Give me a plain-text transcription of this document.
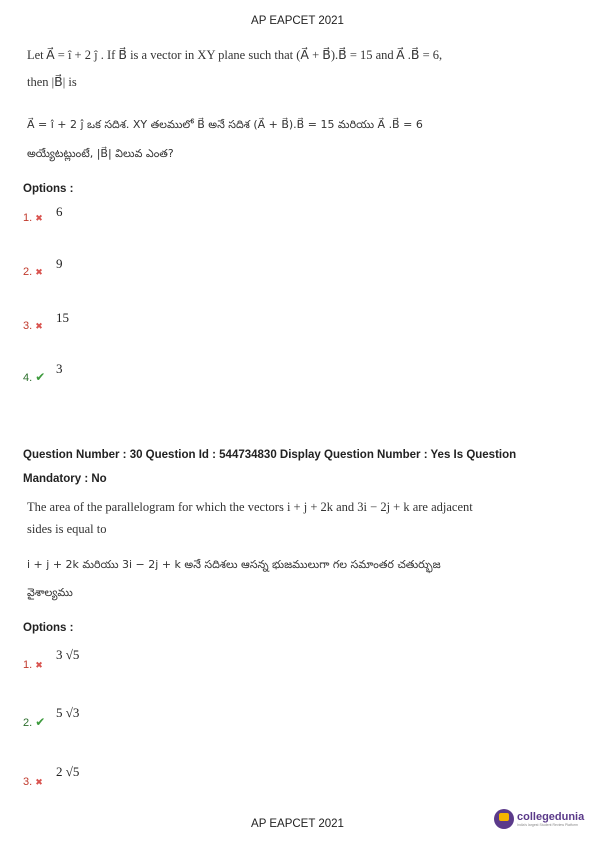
AP EAPCET 2021
Let A⃗ = î + 2 ĵ . If B⃗ is a vector in XY plane such that (A⃗ + B⃗).B⃗ = 15 and A⃗ .B⃗ = 6,
then |B⃗| is
A⃗ = î + 2 ĵ ఒక సదిశ. XY తలములో B⃗ అనే సదిశ (A⃗ + B⃗).B⃗ = 15 మరియు A⃗ .B⃗ = 6
అయ్యేటట్లుంటే, |B⃗| విలువ ఎంత?
Options :
1. ✖ 6
2. ✖
9
3. ✖
15
4. ✔
3
Question Number : 30 Question Id : 544734830 Display Question Number : Yes Is Question
Mandatory : No
The area of the parallelogram for which the vectors i + j + 2k and 3i − 2j + k are adjacent
sides is equal to
i + j + 2k మరియు 3i − 2j + k అనే సదిశలు ఆసన్న భుజములుగా గల సమాంతర చతుర్భుజ
వైశాల్యము
Options :
1. ✖
3 √5
2. ✔
5 √3
3. ✖
2 √5
AP EAPCET 2021
collegedunia
India's largest Student Review Platform
